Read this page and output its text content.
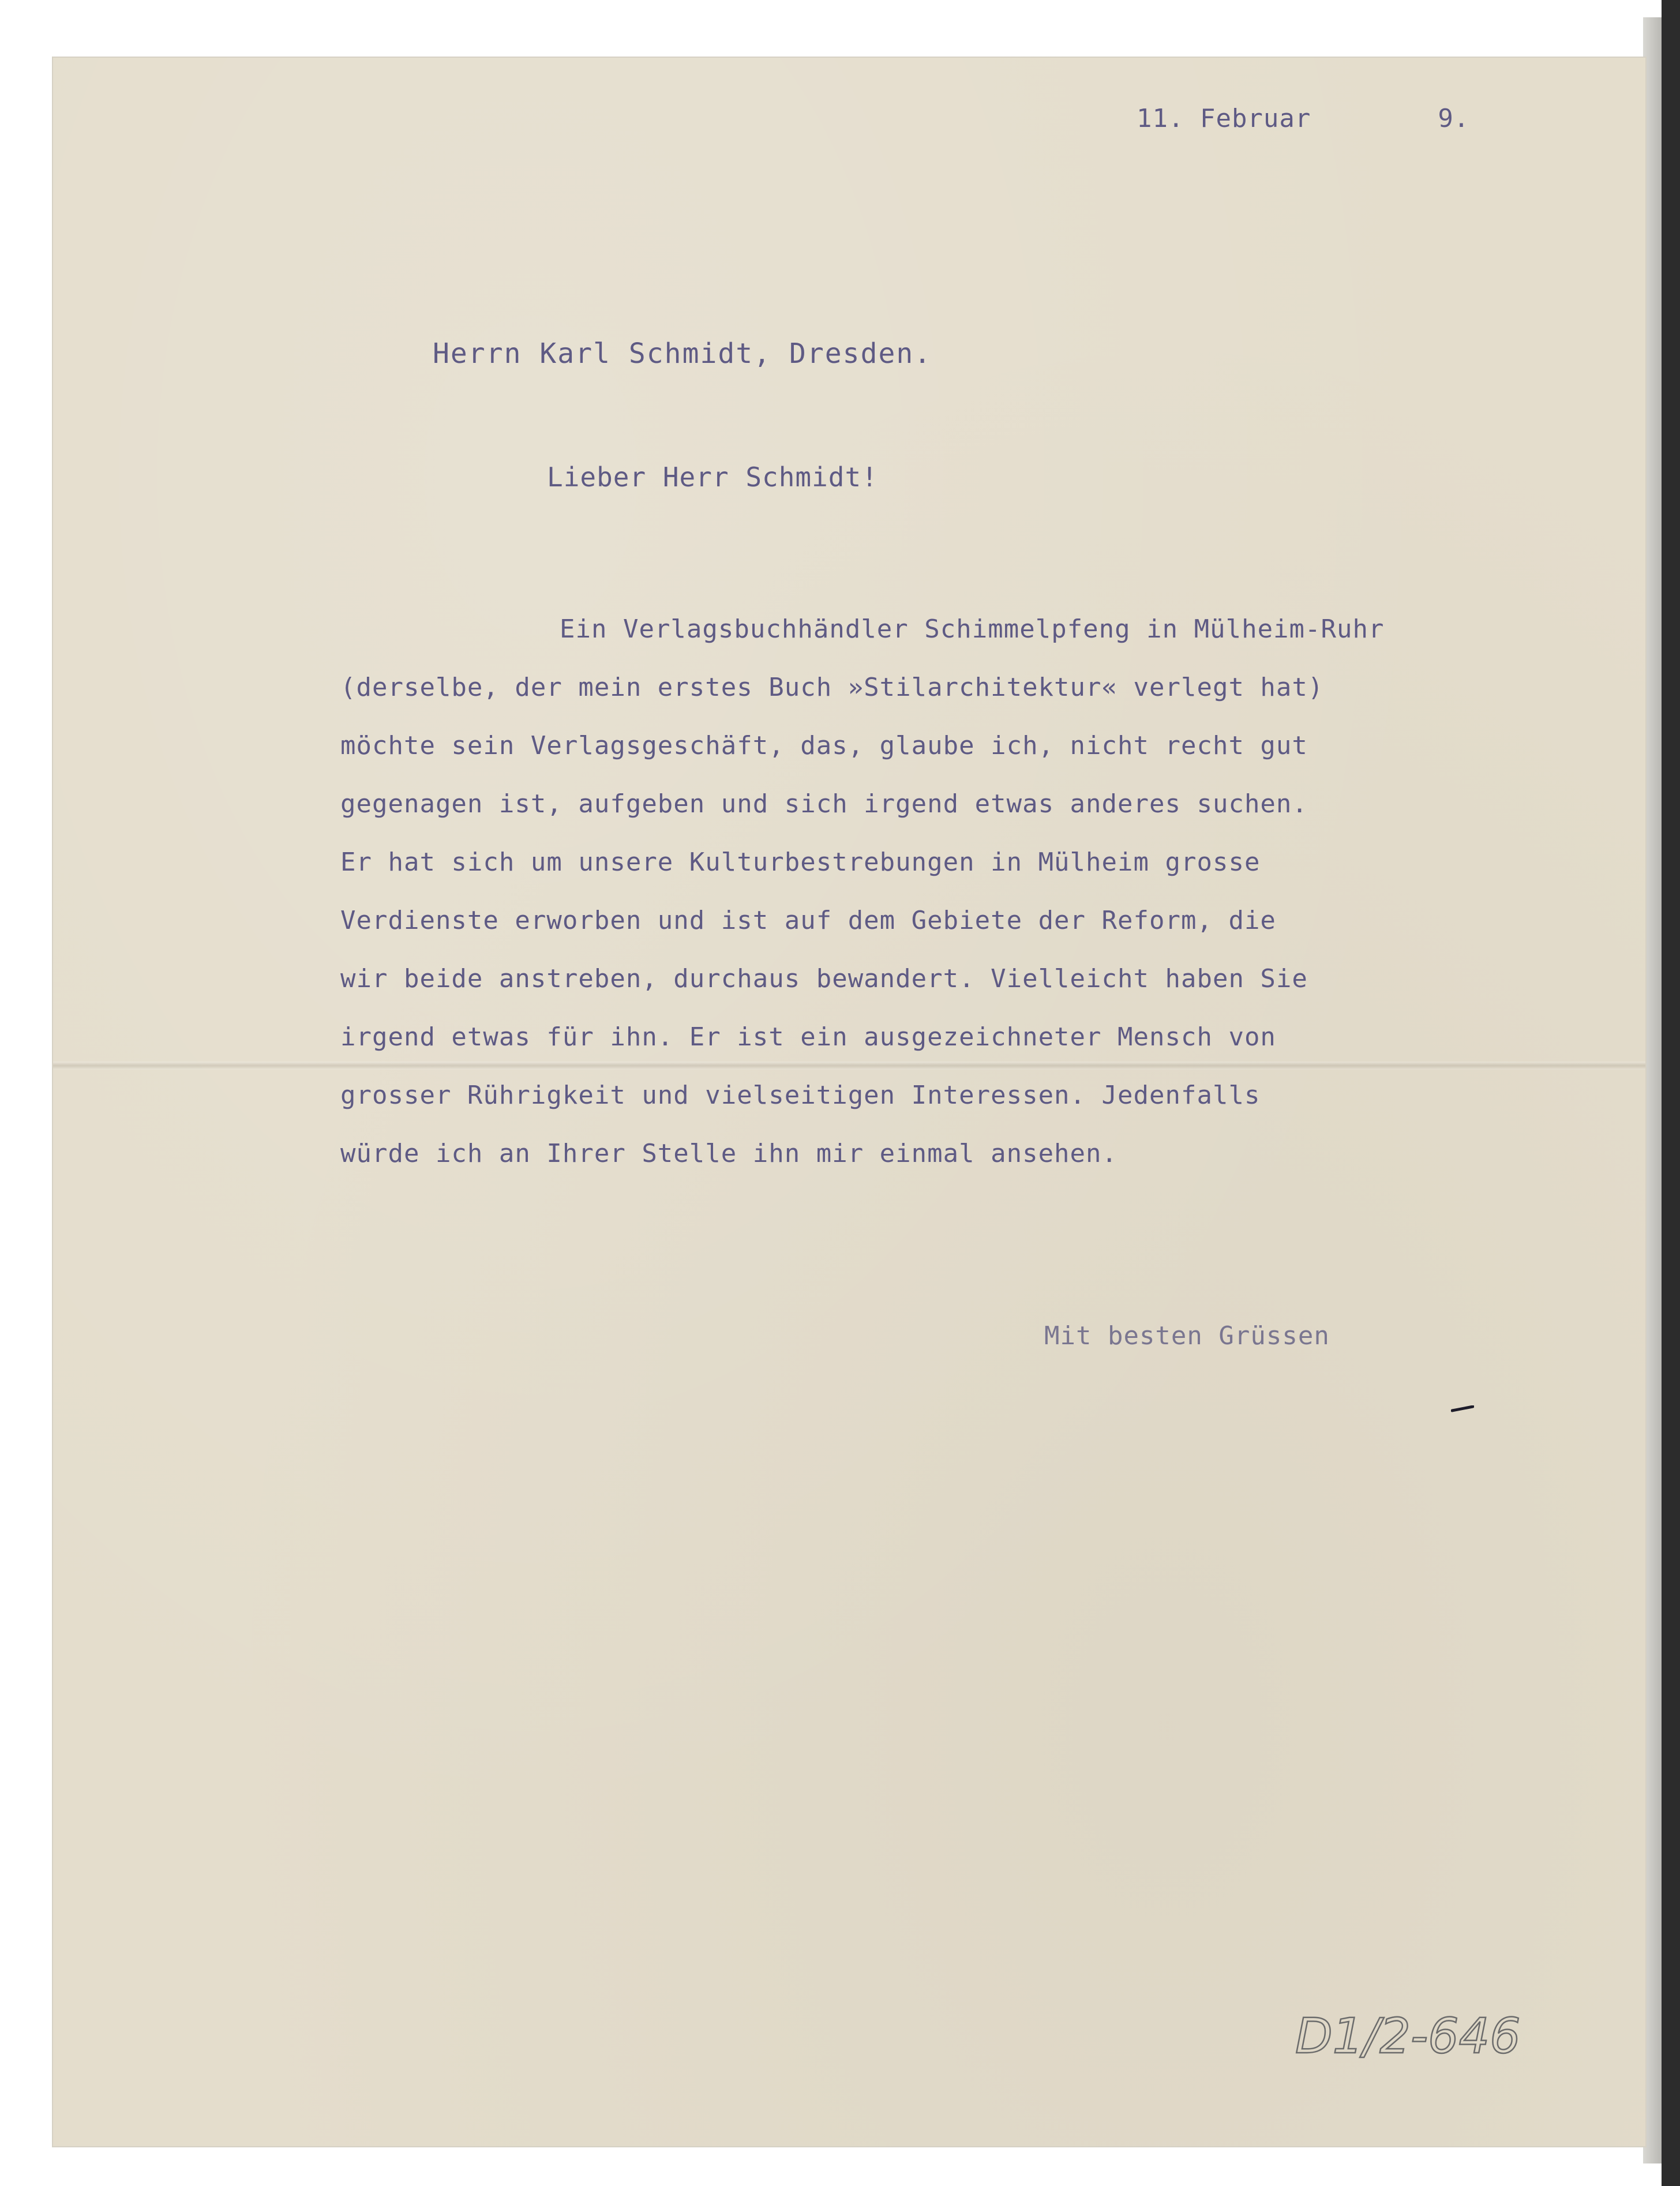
11. Februar        9.

Herrn Karl Schmidt, Dresden.

Lieber Herr Schmidt!

Ein Verlagsbuchhändler Schimmelpfeng in Mülheim-Ruhr
(derselbe, der mein erstes Buch »Stilarchitektur« verlegt hat)
möchte sein Verlagsgeschäft, das, glaube ich, nicht recht gut
gegenagen ist, aufgeben und sich irgend etwas anderes suchen.
Er hat sich um unsere Kulturbestrebungen in Mülheim grosse
Verdienste erworben und ist auf dem Gebiete der Reform, die
wir beide anstreben, durchaus bewandert. Vielleicht haben Sie
irgend etwas für ihn. Er ist ein ausgezeichneter Mensch von
grosser Rührigkeit und vielseitigen Interessen. Jedenfalls
würde ich an Ihrer Stelle ihn mir einmal ansehen.

Mit besten Grüssen

D1/2-646
